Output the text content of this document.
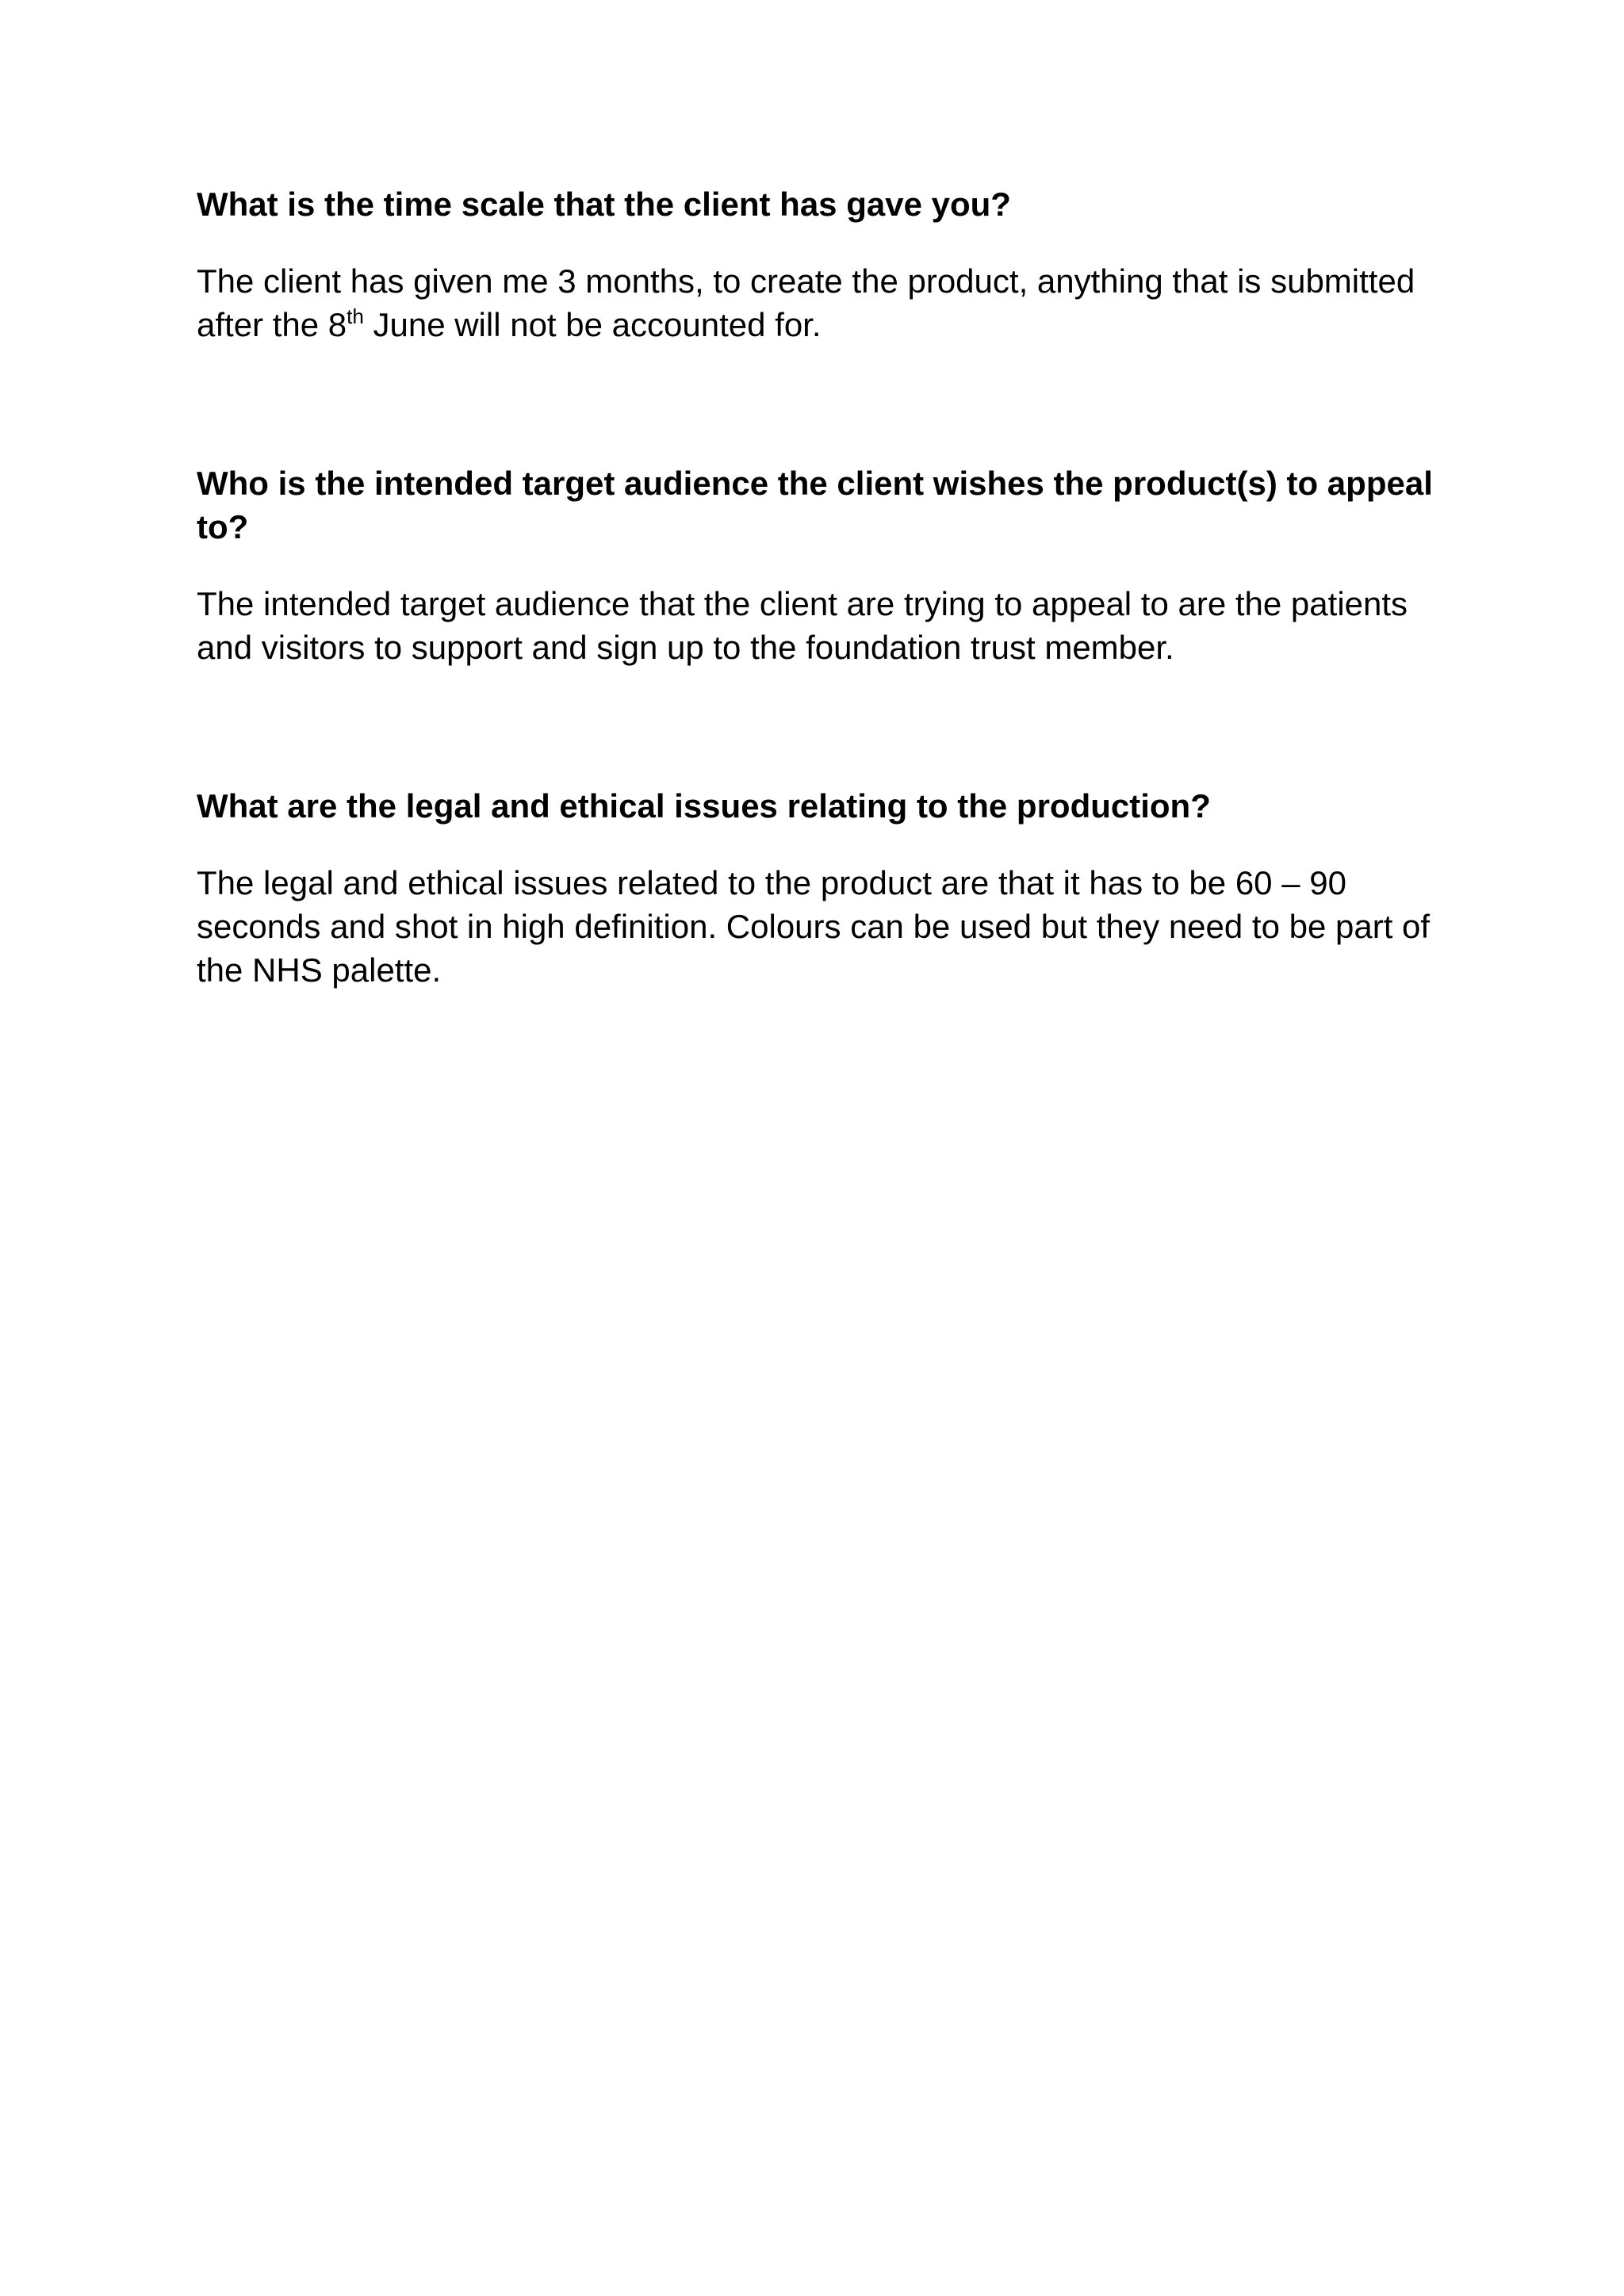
What is the time scale that the client has gave you?

The client has given me 3 months, to create the product, anything that is submitted after the 8th June will not be accounted for.

Who is the intended target audience the client wishes the product(s) to appeal to?

The intended target audience that the client are trying to appeal to are the patients and visitors to support and sign up to the foundation trust member.

What are the legal and ethical issues relating to the production?

The legal and ethical issues related to the product are that it has to be 60 – 90 seconds and shot in high definition. Colours can be used but they need to be part of the NHS palette.
